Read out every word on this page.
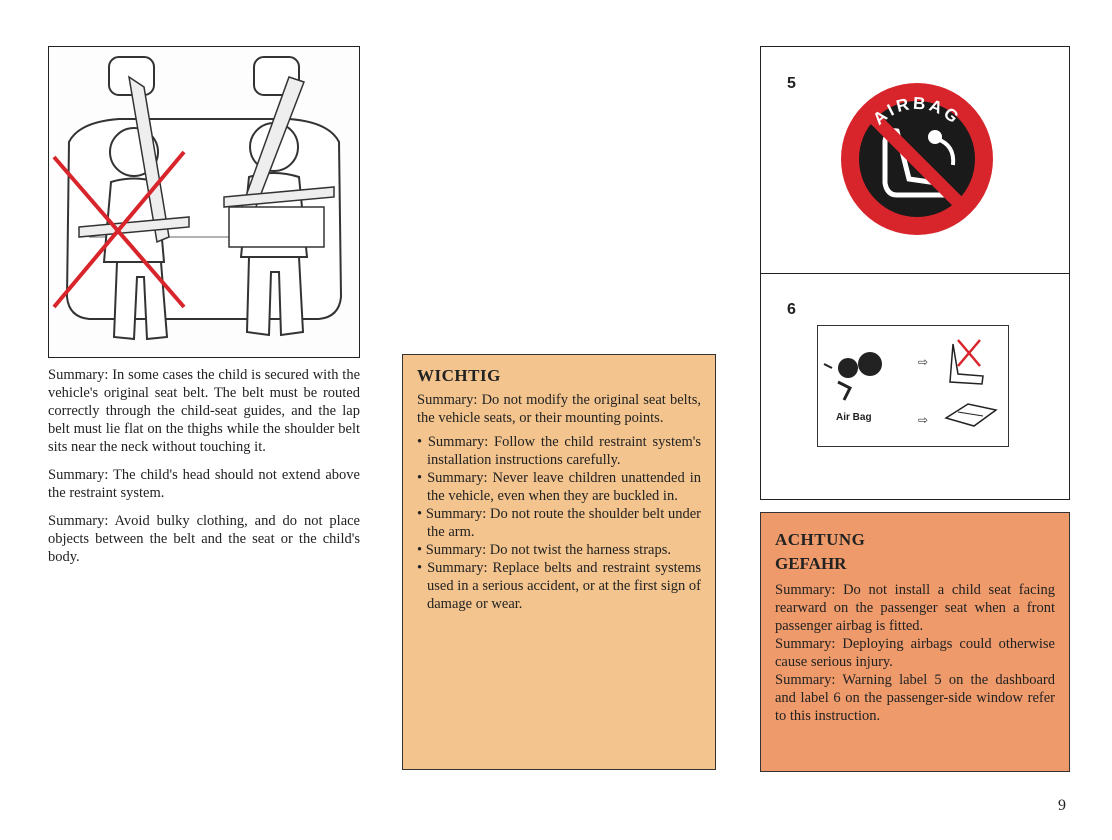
Summary: In some cases the child is secured with the vehicle's original seat belt. The belt must be routed correctly through the child-seat guides, and the lap belt must lie flat on the thighs while the shoulder belt sits near the neck without touching it.

Summary: The child's head should not extend above the restraint system.

Summary: Avoid bulky clothing, and do not place objects between the belt and the seat or the child's body.

WICHTIG

Summary: Do not modify the original seat belts, the vehicle seats, or their mounting points.

• Summary: Follow the child restraint system's installation instructions carefully.
• Summary: Never leave children unattended in the vehicle, even when they are buckled in.
• Summary: Do not route the shoulder belt under the arm.
• Summary: Do not twist the harness straps.
• Summary: Replace belts and restraint systems used in a serious accident, or at the first sign of damage or wear.
5
AIRBAG
6
Air Bag
⇨
⇨
ACHTUNG
GEFAHR
Summary: Do not install a child seat facing rearward on the passenger seat when a front passenger airbag is fitted.
Summary: Deploying airbags could otherwise cause serious injury.
Summary: Warning label 5 on the dashboard and label 6 on the passenger-side window refer to this instruction.
9
